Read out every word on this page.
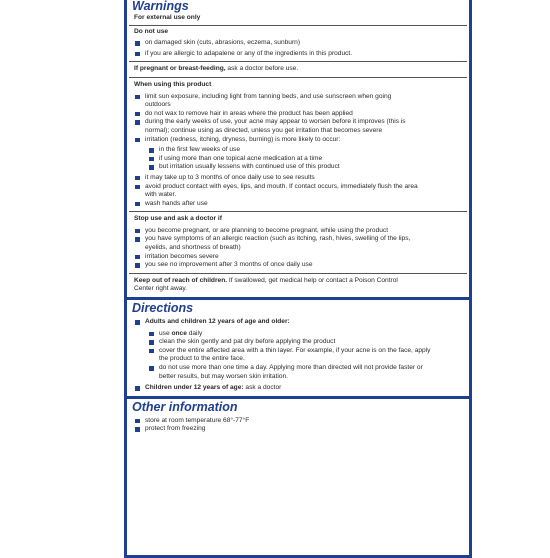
Warnings
For external use only
Do not use
on damaged skin (cuts, abrasions, eczema, sunburn)
if you are allergic to adapalene or any of the ingredients in this product.
If pregnant or breast-feeding, ask a doctor before use.
When using this product
limit sun exposure, including light from tanning beds, and use sunscreen when going
outdoors
do not wax to remove hair in areas where the product has been applied
during the early weeks of use, your acne may appear to worsen before it improves (this is
normal); continue using as directed, unless you get irritation that becomes severe
irritation (redness, itching, dryness, burning) is more likely to occur:
in the first few weeks of use
if using more than one topical acne medication at a time
but irritation usually lessens with continued use of this product
it may take up to 3 months of once daily use to see results
avoid product contact with eyes, lips, and mouth. If contact occurs, immediately flush the area
with water.
wash hands after use
Stop use and ask a doctor if
you become pregnant, or are planning to become pregnant, while using the product
you have symptoms of an allergic reaction (such as itching, rash, hives, swelling of the lips,
eyelids, and shortness of breath)
irritation becomes severe
you see no improvement after 3 months of once daily use
Keep out of reach of children. If swallowed, get medical help or contact a Poison Control
Center right away.
Directions
Adults and children 12 years of age and older:
use once daily
clean the skin gently and pat dry before applying the product
cover the entire affected area with a thin layer. For example, if your acne is on the face, apply
the product to the entire face.
do not use more than one time a day. Applying more than directed will not provide faster or
better results, but may worsen skin irritation.
Children under 12 years of age: ask a doctor
Other information
store at room temperature 68°-77°F
protect from freezing
